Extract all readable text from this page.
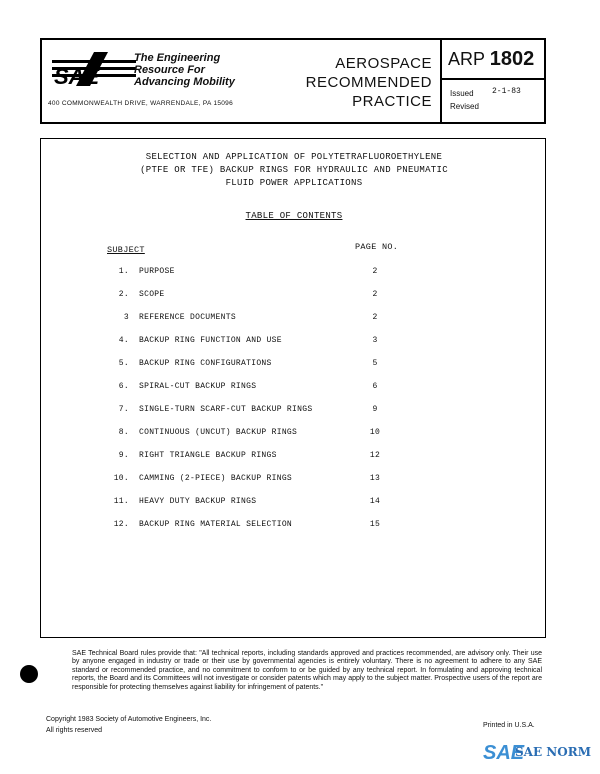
SAE
The Engineering
Resource For
Advancing Mobility
400 COMMONWEALTH DRIVE, WARRENDALE, PA 15096
AEROSPACE
RECOMMENDED
PRACTICE
ARP 1802
Issued 2-1-83
Revised
SELECTION AND APPLICATION OF POLYTETRAFLUOROETHYLENE
(PTFE OR TFE) BACKUP RINGS FOR HYDRAULIC AND PNEUMATIC
FLUID POWER APPLICATIONS
TABLE OF CONTENTS
SUBJECT	PAGE NO.
1. PURPOSE	2
2. SCOPE	2
3 REFERENCE DOCUMENTS	2
4. BACKUP RING FUNCTION AND USE	3
5. BACKUP RING CONFIGURATIONS	5
6. SPIRAL-CUT BACKUP RINGS	6
7. SINGLE-TURN SCARF-CUT BACKUP RINGS	9
8. CONTINUOUS (UNCUT) BACKUP RINGS	10
9. RIGHT TRIANGLE BACKUP RINGS	12
10. CAMMING (2-PIECE) BACKUP RINGS	13
11. HEAVY DUTY BACKUP RINGS	14
12. BACKUP RING MATERIAL SELECTION	15
SAE Technical Board rules provide that: "All technical reports, including standards approved and practices recommended, are advisory only. Their use by anyone engaged in industry or trade or their use by governmental agencies is entirely voluntary. There is no agreement to adhere to any SAE standard or recommended practice, and no commitment to conform to or be guided by any technical report. In formulating and approving technical reports, the Board and its Committees will not investigate or consider patents which may apply to the subject matter. Prospective users of the report are responsible for protecting themselves against liability for infringement of patents."
Copyright 1983 Society of Automotive Engineers, Inc.
All rights reserved
Printed in U.S.A.
SAE
SAE NORM
